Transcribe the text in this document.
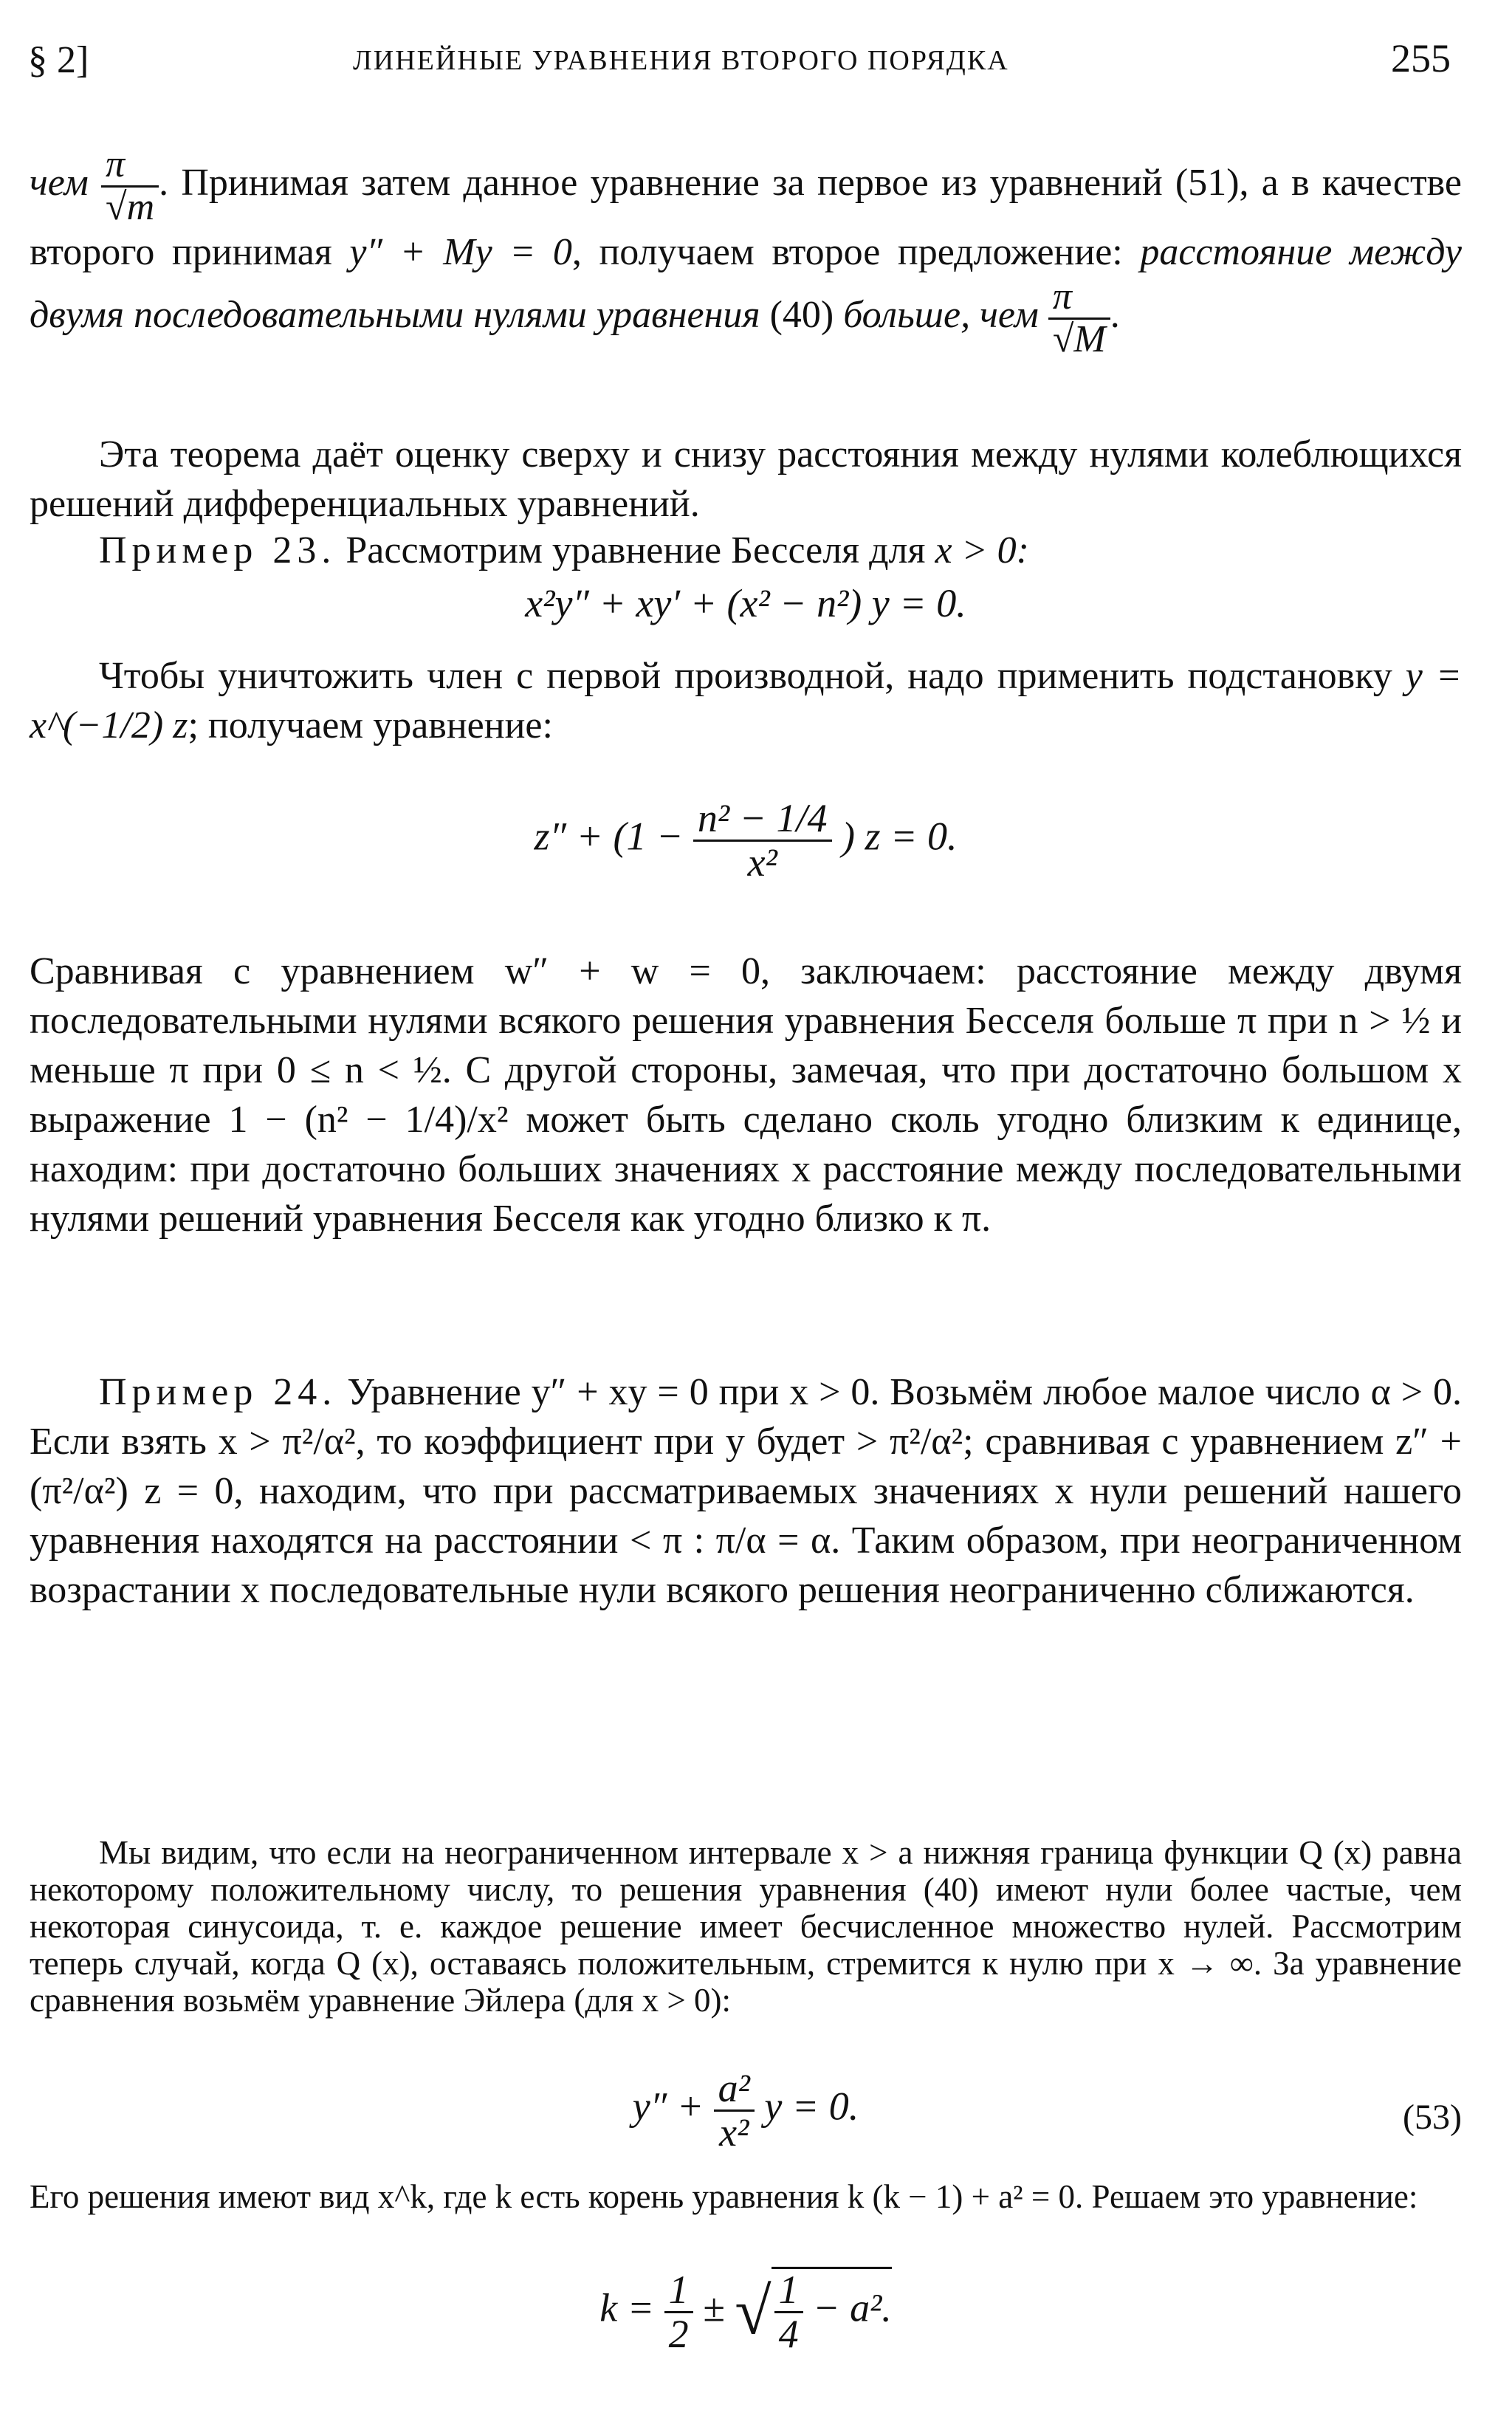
§ 2]	ЛИНЕЙНЫЕ УРАВНЕНИЯ ВТОРОГО ПОРЯДКА	255

чем $\frac{\pi}{√m}$ . Принимая затем данное уравнение за первое из уравнений (51), а в качестве второго принимая y″ + My = 0, получаем второе предложение: расстояние между двумя последовательными нулями уравнения (40) больше, чем $\frac{\pi}{√M}$ .

Эта теорема даёт оценку сверху и снизу расстояния между нулями колеблющихся решений дифференциальных уравнений.

Пример 23. Рассмотрим уравнение Бесселя для x > 0:

x²y″ + xy′ + (x² − n²) y = 0.

Чтобы уничтожить член с первой производной, надо применить подстановку y = x^(−1/2) z; получаем уравнение:

$z'' + (1 - \frac{\text{n² − 1/4}}{\text{x²}}$ ) z = 0.

Сравнивая с уравнением w″ + w = 0, заключаем: расстояние между двумя последовательными нулями всякого решения уравнения Бесселя больше π при n > ½ и меньше π при 0 ≤ n < ½. С другой стороны, замечая, что при достаточно большом x выражение 1 − (n² − 1/4)/x² может быть сделано сколь угодно близким к единице, находим: при достаточно больших значениях x расстояние между последовательными нулями решений уравнения Бесселя как угодно близко к π.

Пример 24. Уравнение y″ + xy = 0 при x > 0. Возьмём любое малое число α > 0. Если взять x > π²/α², то коэффициент при y будет > π²/α²; сравнивая с уравнением z″ + (π²/α²) z = 0, находим, что при рассматриваемых значениях x нули решений нашего уравнения находятся на расстоянии < π : π/α = α. Таким образом, при неограниченном возрастании x последовательные нули всякого решения неограниченно сближаются.

Мы видим, что если на неограниченном интервале x > a нижняя граница функции Q (x) равна некоторому положительному числу, то решения уравнения (40) имеют нули более частые, чем некоторая синусоида, т. е. каждое решение имеет бесчисленное множество нулей. Рассмотрим теперь случай, когда Q (x), оставаясь положительным, стремится к нулю при x → ∞. За уравнение сравнения возьмём уравнение Эйлера (для x > 0):

$y'' + \frac{\text{a²}}{\text{x²}}$ y = 0.	(53)

Его решения имеют вид x^k, где k есть корень уравнения k (k − 1) + a² = 0. Решаем это уравнение:

$k = \frac{1}{2}$ ± √ $\frac{1}{4} - a^2$.
